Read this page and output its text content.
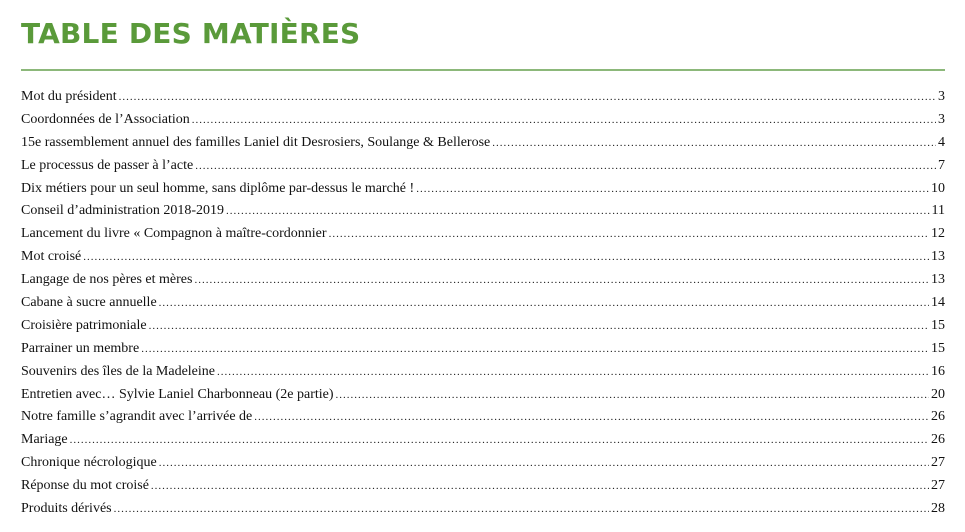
TABLE DES MATIÈRES
Mot du président .....	3
Coordonnées de l’Association .....	3
15e rassemblement annuel des familles Laniel dit Desrosiers, Soulange & Bellerose .....	4
Le processus de passer à l’acte .....	7
Dix métiers pour un seul homme, sans diplôme par-dessus le marché ! .....	10
Conseil d’administration 2018-2019 .....	11
Lancement du livre « Compagnon à maître-cordonnier .....	12
Mot croisé .....	13
Langage de nos pères et mères .....	13
Cabane à sucre annuelle .....	14
Croisière patrimoniale .....	15
Parrainer un membre .....	15
Souvenirs des îles de la Madeleine .....	16
Entretien avec… Sylvie Laniel Charbonneau (2e partie) .....	20
Notre famille s’agrandit avec l’arrivée de .....	26
Mariage .....	26
Chronique nécrologique .....	27
Réponse du mot croisé .....	27
Produits dérivés .....	28
